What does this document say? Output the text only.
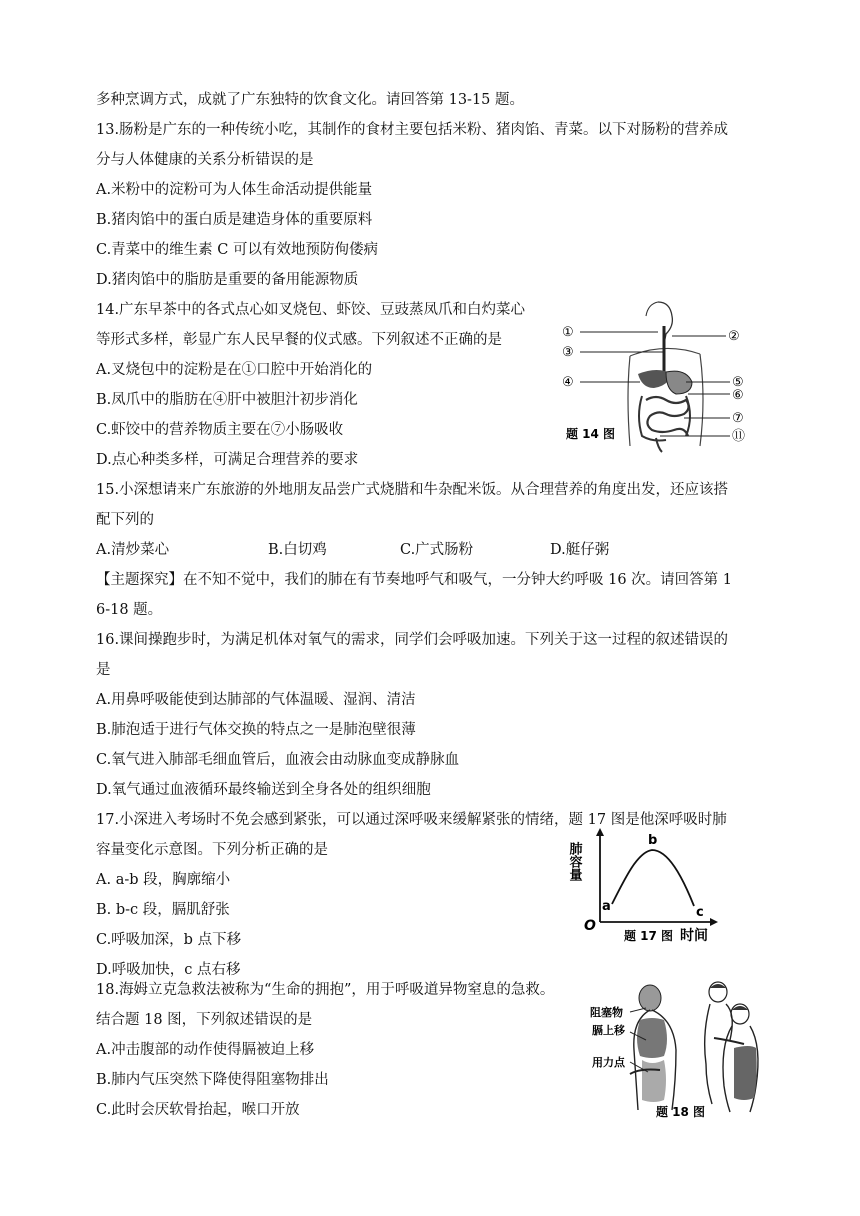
多种烹调方式，成就了广东独特的饮食文化。请回答第 13-15 题。
13.肠粉是广东的一种传统小吃，其制作的食材主要包括米粉、猪肉馅、青菜。以下对肠粉的营养成
分与人体健康的关系分析错误的是
A.米粉中的淀粉可为人体生命活动提供能量
B.猪肉馅中的蛋白质是建造身体的重要原料
C.青菜中的维生素 C 可以有效地预防佝偻病
D.猪肉馅中的脂肪是重要的备用能源物质
14.广东早茶中的各式点心如叉烧包、虾饺、豆豉蒸凤爪和白灼菜心
等形式多样，彰显广东人民早餐的仪式感。下列叙述不正确的是
A.叉烧包中的淀粉是在①口腔中开始消化的
B.凤爪中的脂肪在④肝中被胆汁初步消化
C.虾饺中的营养物质主要在⑦小肠吸收
D.点心种类多样，可满足合理营养的要求
①
③
④
②
⑤
⑥
⑦
⑪
题 14 图
15.小深想请来广东旅游的外地朋友品尝广式烧腊和牛杂配米饭。从合理营养的角度出发，还应该搭
配下列的
A.清炒菜心	B.白切鸡	C.广式肠粉	D.艇仔粥
【主题探究】在不知不觉中，我们的肺在有节奏地呼气和吸气，一分钟大约呼吸 16 次。请回答第 1
6-18 题。
16.课间操跑步时，为满足机体对氧气的需求，同学们会呼吸加速。下列关于这一过程的叙述错误的
是
A.用鼻呼吸能使到达肺部的气体温暖、湿润、清洁
B.肺泡适于进行气体交换的特点之一是肺泡壁很薄
C.氧气进入肺部毛细血管后，血液会由动脉血变成静脉血
D.氧气通过血液循环最终输送到全身各处的组织细胞
17.小深进入考场时不免会感到紧张，可以通过深呼吸来缓解紧张的情绪，题 17 图是他深呼吸时肺
容量变化示意图。下列分析正确的是
A. a-b 段，胸廓缩小
B. b-c 段，膈肌舒张
C.呼吸加深，b 点下移
D.呼吸加快，c 点右移
肺容量
O
a
b
c
题 17 图 时间
18.海姆立克急救法被称为“生命的拥抱”，用于呼吸道异物窒息的急救。
结合题 18 图，下列叙述错误的是
A.冲击腹部的动作使得膈被迫上移
B.肺内气压突然下降使得阻塞物排出
C.此时会厌软骨抬起，喉口开放
阻塞物
膈上移
用力点
题 18 图
